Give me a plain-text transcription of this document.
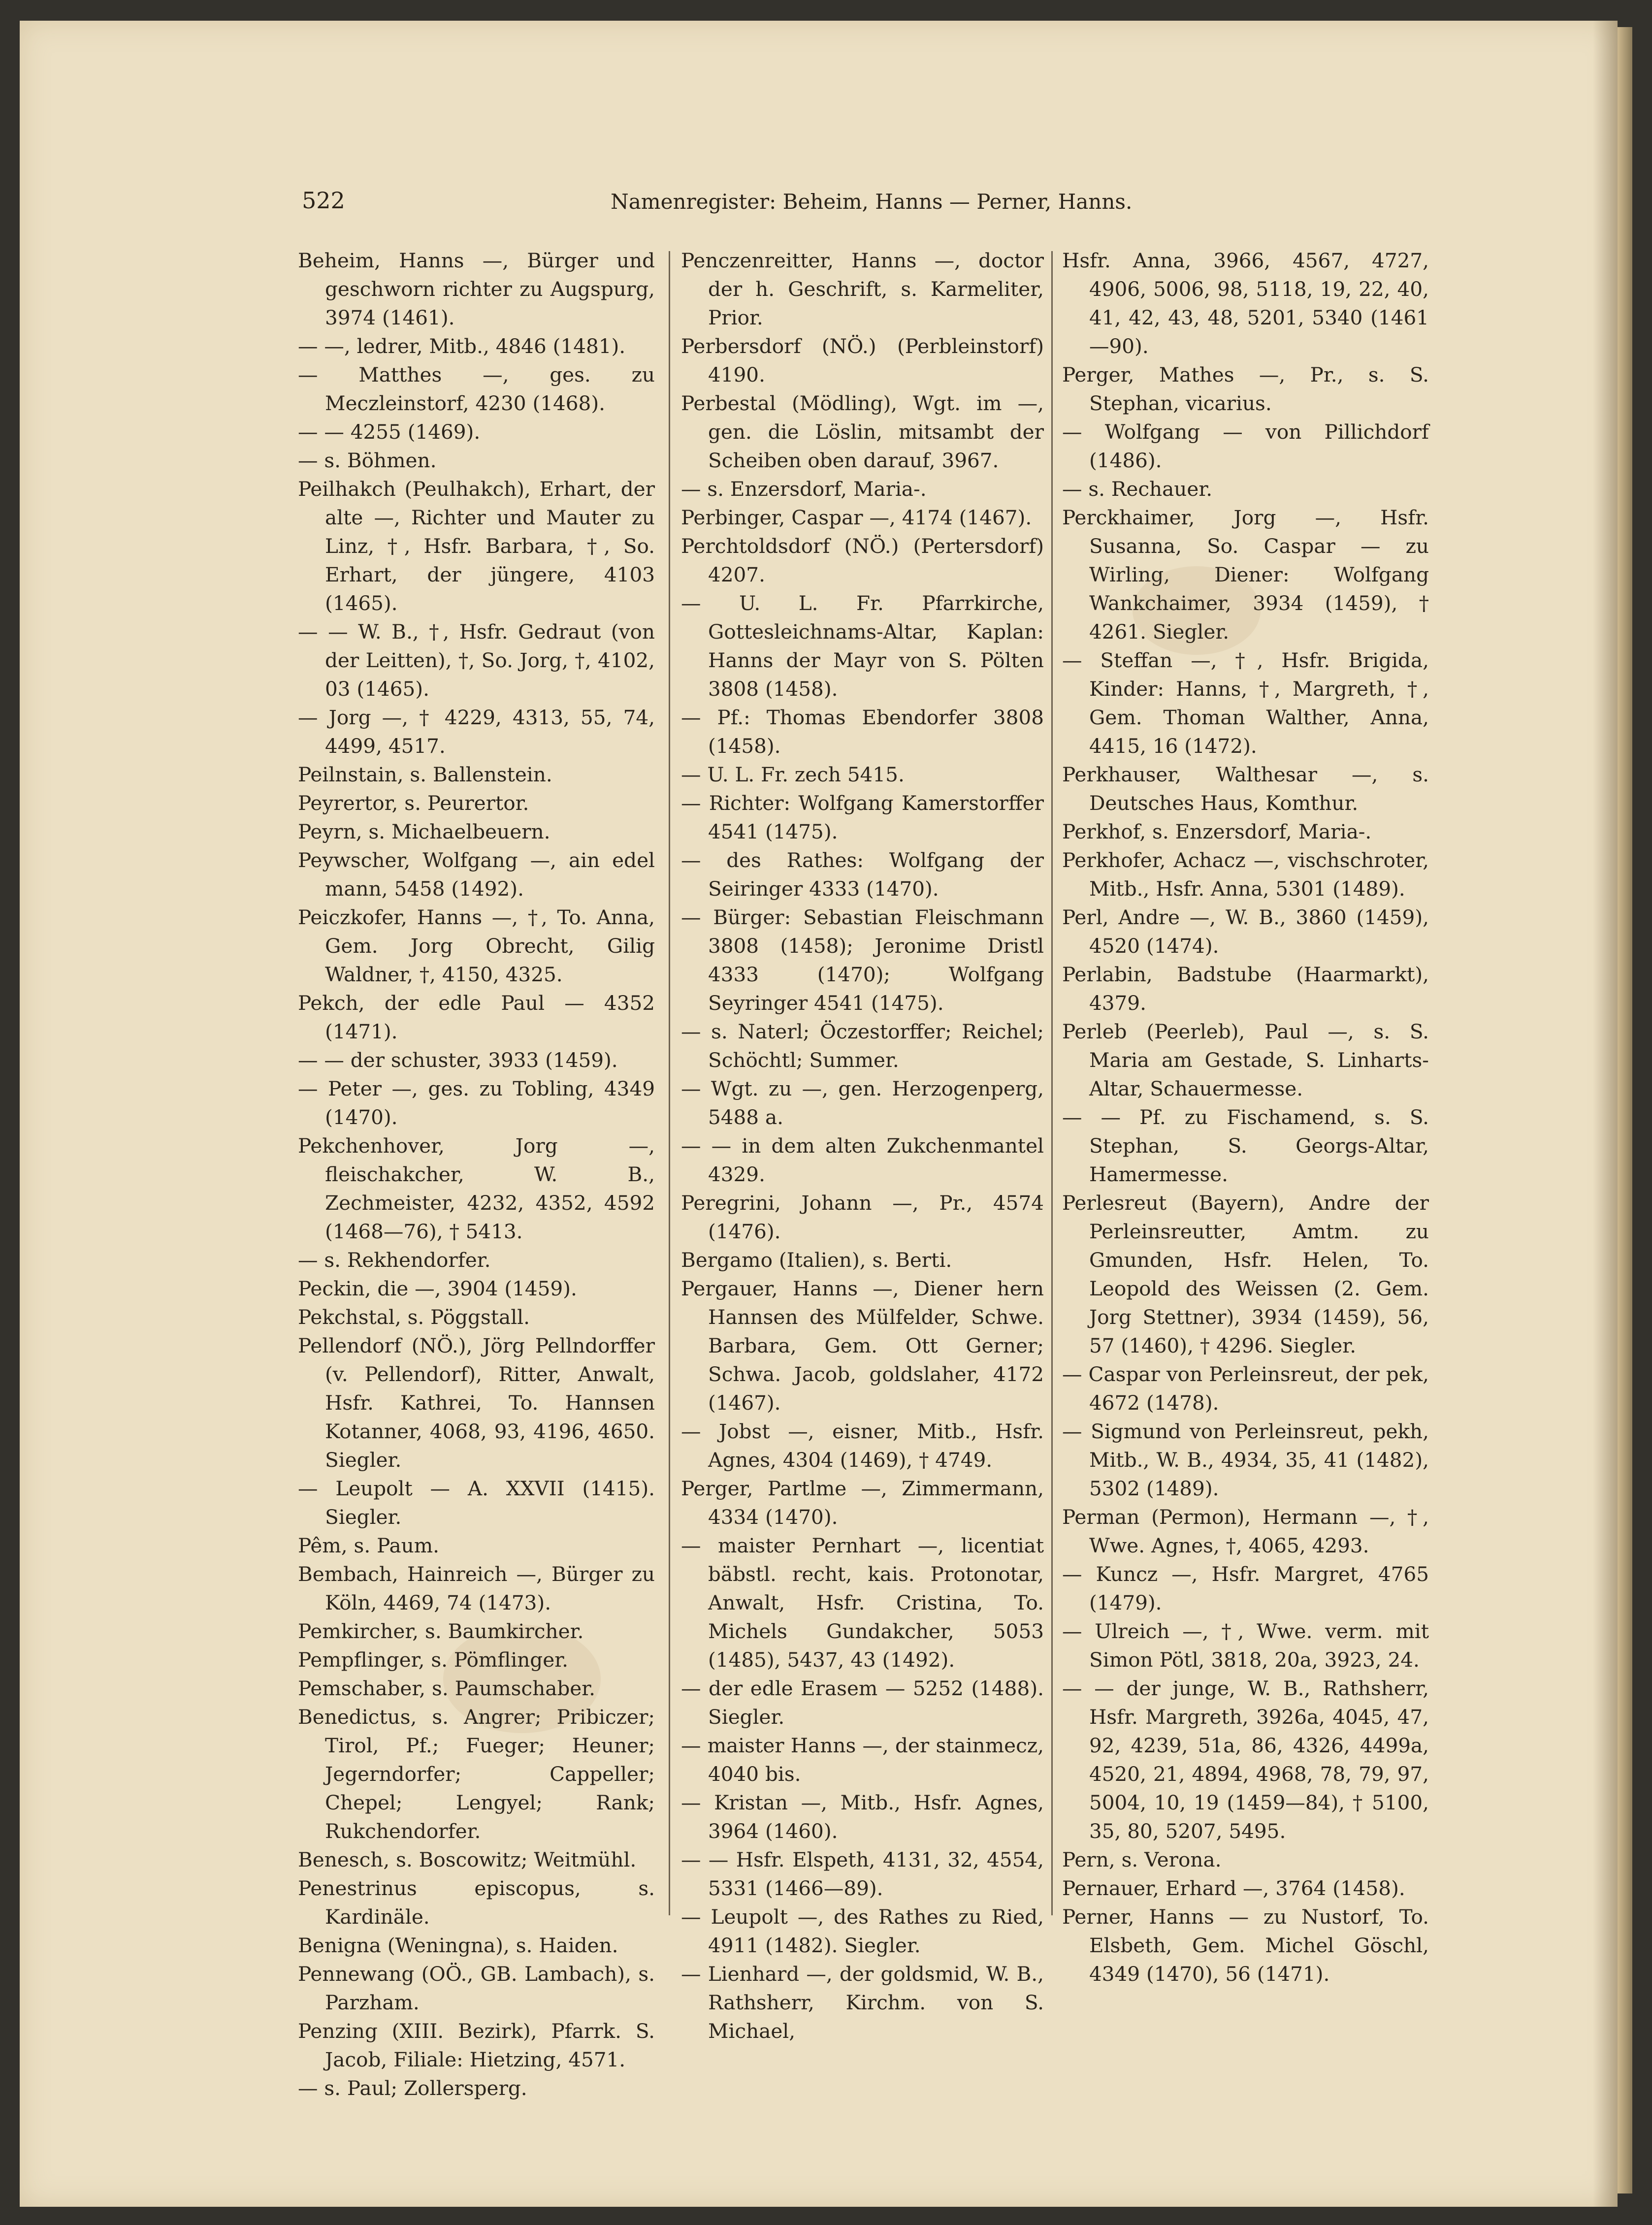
522	Namenregister: Beheim, Hanns — Perner, Hanns.

Beheim, Hanns —, Bürger und geschworn richter zu Augspurg, 3974 (1461).

— —, ledrer, Mitb., 4846 (1481).

— Matthes —, ges. zu Meczleinstorf, 4230 (1468).

— — 4255 (1469).

— s. Böhmen.

Peilhakch (Peulhakch), Erhart, der alte —, Richter und Mauter zu Linz, †, Hsfr. Barbara, †, So. Erhart, der jüngere, 4103 (1465).

— — W. B., †, Hsfr. Gedraut (von der Leitten), †, So. Jorg, †, 4102, 03 (1465).

— Jorg —, † 4229, 4313, 55, 74, 4499, 4517.

Peilnstain, s. Ballenstein.

Peyrertor, s. Peurertor.

Peyrn, s. Michaelbeuern.

Peywscher, Wolfgang —, ain edel mann, 5458 (1492).

Peiczkofer, Hanns —, †, To. Anna, Gem. Jorg Obrecht, Gilig Waldner, †, 4150, 4325.

Pekch, der edle Paul — 4352 (1471).

— — der schuster, 3933 (1459).

— Peter —, ges. zu Tobling, 4349 (1470).

Pekchenhover, Jorg —, fleischakcher, W. B., Zechmeister, 4232, 4352, 4592 (1468—76), † 5413.

— s. Rekhendorfer.

Peckin, die —, 3904 (1459).

Pekchstal, s. Pöggstall.

Pellendorf (NÖ.), Jörg Pellndorffer (v. Pellendorf), Ritter, Anwalt, Hsfr. Kathrei, To. Hannsen Kotanner, 4068, 93, 4196, 4650. Siegler.

— Leupolt — A. XXVII (1415). Siegler.

Pêm, s. Paum.

Bembach, Hainreich —, Bürger zu Köln, 4469, 74 (1473).

Pemkircher, s. Baumkircher.

Pempflinger, s. Pömflinger.

Pemschaber, s. Paumschaber.

Benedictus, s. Angrer; Pribiczer; Tirol, Pf.; Fueger; Heuner; Jegerndorfer; Cappeller; Chepel; Lengyel; Rank; Rukchendorfer.

Benesch, s. Boscowitz; Weitmühl.

Penestrinus episcopus, s. Kardinäle.

Benigna (Weningna), s. Haiden.

Pennewang (OÖ., GB. Lambach), s. Parzham.

Penzing (XIII. Bezirk), Pfarrk. S. Jacob, Filiale: Hietzing, 4571.

— s. Paul; Zollersperg.

Penczenreitter, Hanns —, doctor der h. Geschrift, s. Karmeliter, Prior.

Perbersdorf (NÖ.) (Perbleinstorf) 4190.

Perbestal (Mödling), Wgt. im —, gen. die Löslin, mitsambt der Scheiben oben darauf, 3967.

— s. Enzersdorf, Maria-.

Perbinger, Caspar —, 4174 (1467).

Perchtoldsdorf (NÖ.) (Pertersdorf) 4207.

— U. L. Fr. Pfarrkirche, Gottesleichnams-Altar, Kaplan: Hanns der Mayr von S. Pölten 3808 (1458).

— Pf.: Thomas Ebendorfer 3808 (1458).

— U. L. Fr. zech 5415.

— Richter: Wolfgang Kamerstorffer 4541 (1475).

— des Rathes: Wolfgang der Seiringer 4333 (1470).

— Bürger: Sebastian Fleischmann 3808 (1458); Jeronime Dristl 4333 (1470); Wolfgang Seyringer 4541 (1475).

— s. Naterl; Öczestorffer; Reichel; Schöchtl; Summer.

— Wgt. zu —, gen. Herzogenperg, 5488 a.

— — in dem alten Zukchenmantel 4329.

Peregrini, Johann —, Pr., 4574 (1476).

Bergamo (Italien), s. Berti.

Pergauer, Hanns —, Diener hern Hannsen des Mülfelder, Schwe. Barbara, Gem. Ott Gerner; Schwa. Jacob, goldslaher, 4172 (1467).

— Jobst —, eisner, Mitb., Hsfr. Agnes, 4304 (1469), † 4749.

Perger, Partlme —, Zimmermann, 4334 (1470).

— maister Pernhart —, licentiat bäbstl. recht, kais. Protonotar, Anwalt, Hsfr. Cristina, To. Michels Gundakcher, 5053 (1485), 5437, 43 (1492).

— der edle Erasem — 5252 (1488). Siegler.

— maister Hanns —, der stainmecz, 4040 bis.

— Kristan —, Mitb., Hsfr. Agnes, 3964 (1460).

— — Hsfr. Elspeth, 4131, 32, 4554, 5331 (1466—89).

— Leupolt —, des Rathes zu Ried, 4911 (1482). Siegler.

— Lienhard —, der goldsmid, W. B., Rathsherr, Kirchm. von S. Michael,

Hsfr. Anna, 3966, 4567, 4727, 4906, 5006, 98, 5118, 19, 22, 40, 41, 42, 43, 48, 5201, 5340 (1461—90).

Perger, Mathes —, Pr., s. S. Stephan, vicarius.

— Wolfgang — von Pillichdorf (1486).

— s. Rechauer.

Perckhaimer, Jorg —, Hsfr. Susanna, So. Caspar — zu Wirling, Diener: Wolfgang Wankchaimer, 3934 (1459), † 4261. Siegler.

— Steffan —, †, Hsfr. Brigida, Kinder: Hanns, †, Margreth, †, Gem. Thoman Walther, Anna, 4415, 16 (1472).

Perkhauser, Walthesar —, s. Deutsches Haus, Komthur.

Perkhof, s. Enzersdorf, Maria-.

Perkhofer, Achacz —, vischschroter, Mitb., Hsfr. Anna, 5301 (1489).

Perl, Andre —, W. B., 3860 (1459), 4520 (1474).

Perlabin, Badstube (Haarmarkt), 4379.

Perleb (Peerleb), Paul —, s. S. Maria am Gestade, S. Linharts-Altar, Schauermesse.

— — Pf. zu Fischamend, s. S. Stephan, S. Georgs-Altar, Hamermesse.

Perlesreut (Bayern), Andre der Perleinsreutter, Amtm. zu Gmunden, Hsfr. Helen, To. Leopold des Weissen (2. Gem. Jorg Stettner), 3934 (1459), 56, 57 (1460), † 4296. Siegler.

— Caspar von Perleinsreut, der pek, 4672 (1478).

— Sigmund von Perleinsreut, pekh, Mitb., W. B., 4934, 35, 41 (1482), 5302 (1489).

Perman (Permon), Hermann —, †, Wwe. Agnes, †, 4065, 4293.

— Kuncz —, Hsfr. Margret, 4765 (1479).

— Ulreich —, †, Wwe. verm. mit Simon Pötl, 3818, 20a, 3923, 24.

— — der junge, W. B., Rathsherr, Hsfr. Margreth, 3926a, 4045, 47, 92, 4239, 51a, 86, 4326, 4499a, 4520, 21, 4894, 4968, 78, 79, 97, 5004, 10, 19 (1459—84), † 5100, 35, 80, 5207, 5495.

Pern, s. Verona.

Pernauer, Erhard —, 3764 (1458).

Perner, Hanns — zu Nustorf, To. Elsbeth, Gem. Michel Göschl, 4349 (1470), 56 (1471).
